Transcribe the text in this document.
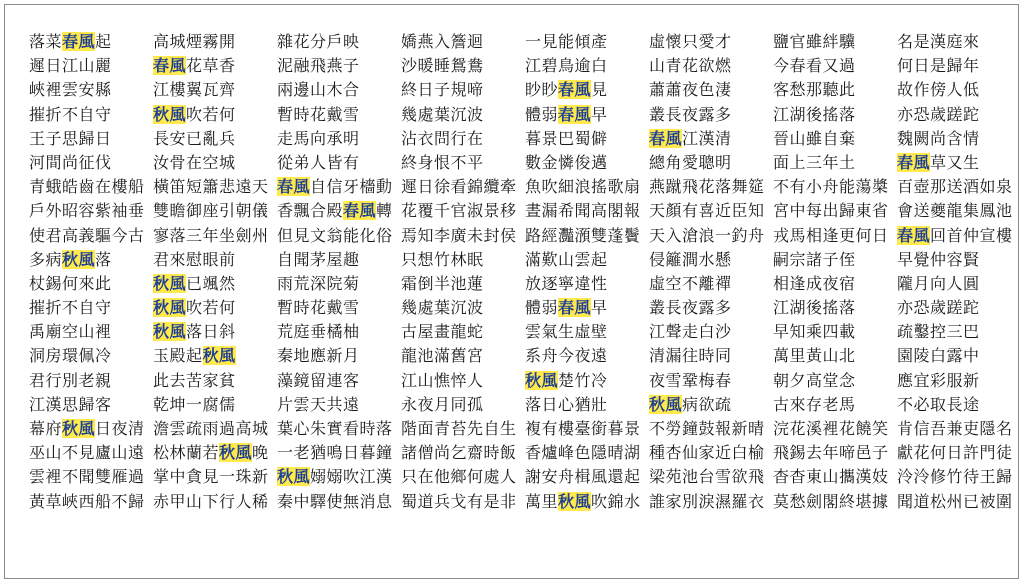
落菜春風起	高城煙霧開	雜花分戶映	嬌燕入簷迴	一見能傾產	虛懷只愛才	鹽官雖絆驥	名是漢庭來
遲日江山麗	春風花草香	泥融飛燕子	沙暖睡鴛鴦	江碧鳥逾白	山青花欲燃	今春看又過	何日是歸年
峽裡雲安縣	江樓翼瓦齊	兩邊山木合	終日子規啼	眇眇春風見	蕭蕭夜色淒	客愁那聽此	故作傍人低
摧折不自守	秋風吹若何	暫時花戴雪	幾處葉沉波	體弱春風早	叢長夜露多	江湖後搖落	亦恐歲蹉跎
王子思歸日	長安已亂兵	走馬向承明	沾衣問行在	暮景巴蜀僻	春風江漢清	晉山雖自棄	魏闕尚含情
河間尚征伐	汝骨在空城	從弟人皆有	終身恨不平	數金憐俊邁	總角愛聰明	面上三年土	春風草又生
青蛾皓齒在樓船 橫笛短簫悲遠天 春風自信牙檣動 遲日徐看錦纜牽 魚吹細浪搖歌扇 燕蹴飛花落舞筵 不有小舟能蕩槳 百壺那送酒如泉
戶外昭容紫袖垂 雙瞻御座引朝儀 香飄合殿春風轉 花覆千官淑景移 晝漏希聞高閣報 天顏有喜近臣知 宮中每出歸東省 會送夔龍集鳳池
使君高義驅今古 寥落三年坐劍州 但見文翁能化俗 焉知李廣未封侯 路經灩澦雙蓬鬢 天入滄浪一釣舟 戎馬相逢更何日 春風回首仲宣樓
多病秋風落	君來慰眼前	自聞茅屋趣	只想竹林眠	滿歎山雲起	侵籬澗水懸	嗣宗諸子侄	早覺仲容賢
杖錫何來此	秋風已颯然	雨荒深院菊	霜倒半池蓮	放逐寧違性	虛空不離禪	相逢成夜宿	隴月向人圓
摧折不自守	秋風吹若何	暫時花戴雪	幾處葉沉波	體弱春風早	叢長夜露多	江湖後搖落	亦恐歲蹉跎
禹廟空山裡	秋風落日斜	荒庭垂橘柚	古屋畫龍蛇	雲氣生虛壁	江聲走白沙	早知乘四載	疏鑿控三巴
洞房環佩冷	玉殿起秋風	秦地應新月	龍池滿舊宮	系舟今夜遠	清漏往時同	萬里黃山北	園陵白露中
君行別老親	此去苦家貧	藻鏡留連客	江山憔悴人	秋風楚竹冷	夜雪鞏梅春	朝夕高堂念	應宜彩服新
江漢思歸客	乾坤一腐儒	片雲天共遠	永夜月同孤	落日心猶壯	秋風病欲疏	古來存老馬	不必取長途
幕府秋風日夜清 澹雲疏雨過高城 葉心朱實看時落 階面青苔先自生 複有樓臺銜暮景 不勞鐘鼓報新晴 浣花溪裡花饒笑 肯信吾兼吏隱名
巫山不見廬山遠 松林蘭若秋風晚 一老猶鳴日暮鐘 諸僧尚乞齋時飯 香爐峰色隱晴湖 種杏仙家近白榆 飛錫去年啼邑子 獻花何日許門徒
雲裡不聞雙雁過 掌中貪見一珠新 秋風嫋嫋吹江漢 只在他鄉何處人 謝安舟楫風還起 梁苑池台雪欲飛 杳杳東山攜漢妓 泠泠修竹待王歸
黃草峽西船不歸 赤甲山下行人稀 秦中驛使無消息 蜀道兵戈有是非 萬里秋風吹錦水 誰家別淚濕羅衣 莫愁劍閣終堪據 聞道松州已被圍
